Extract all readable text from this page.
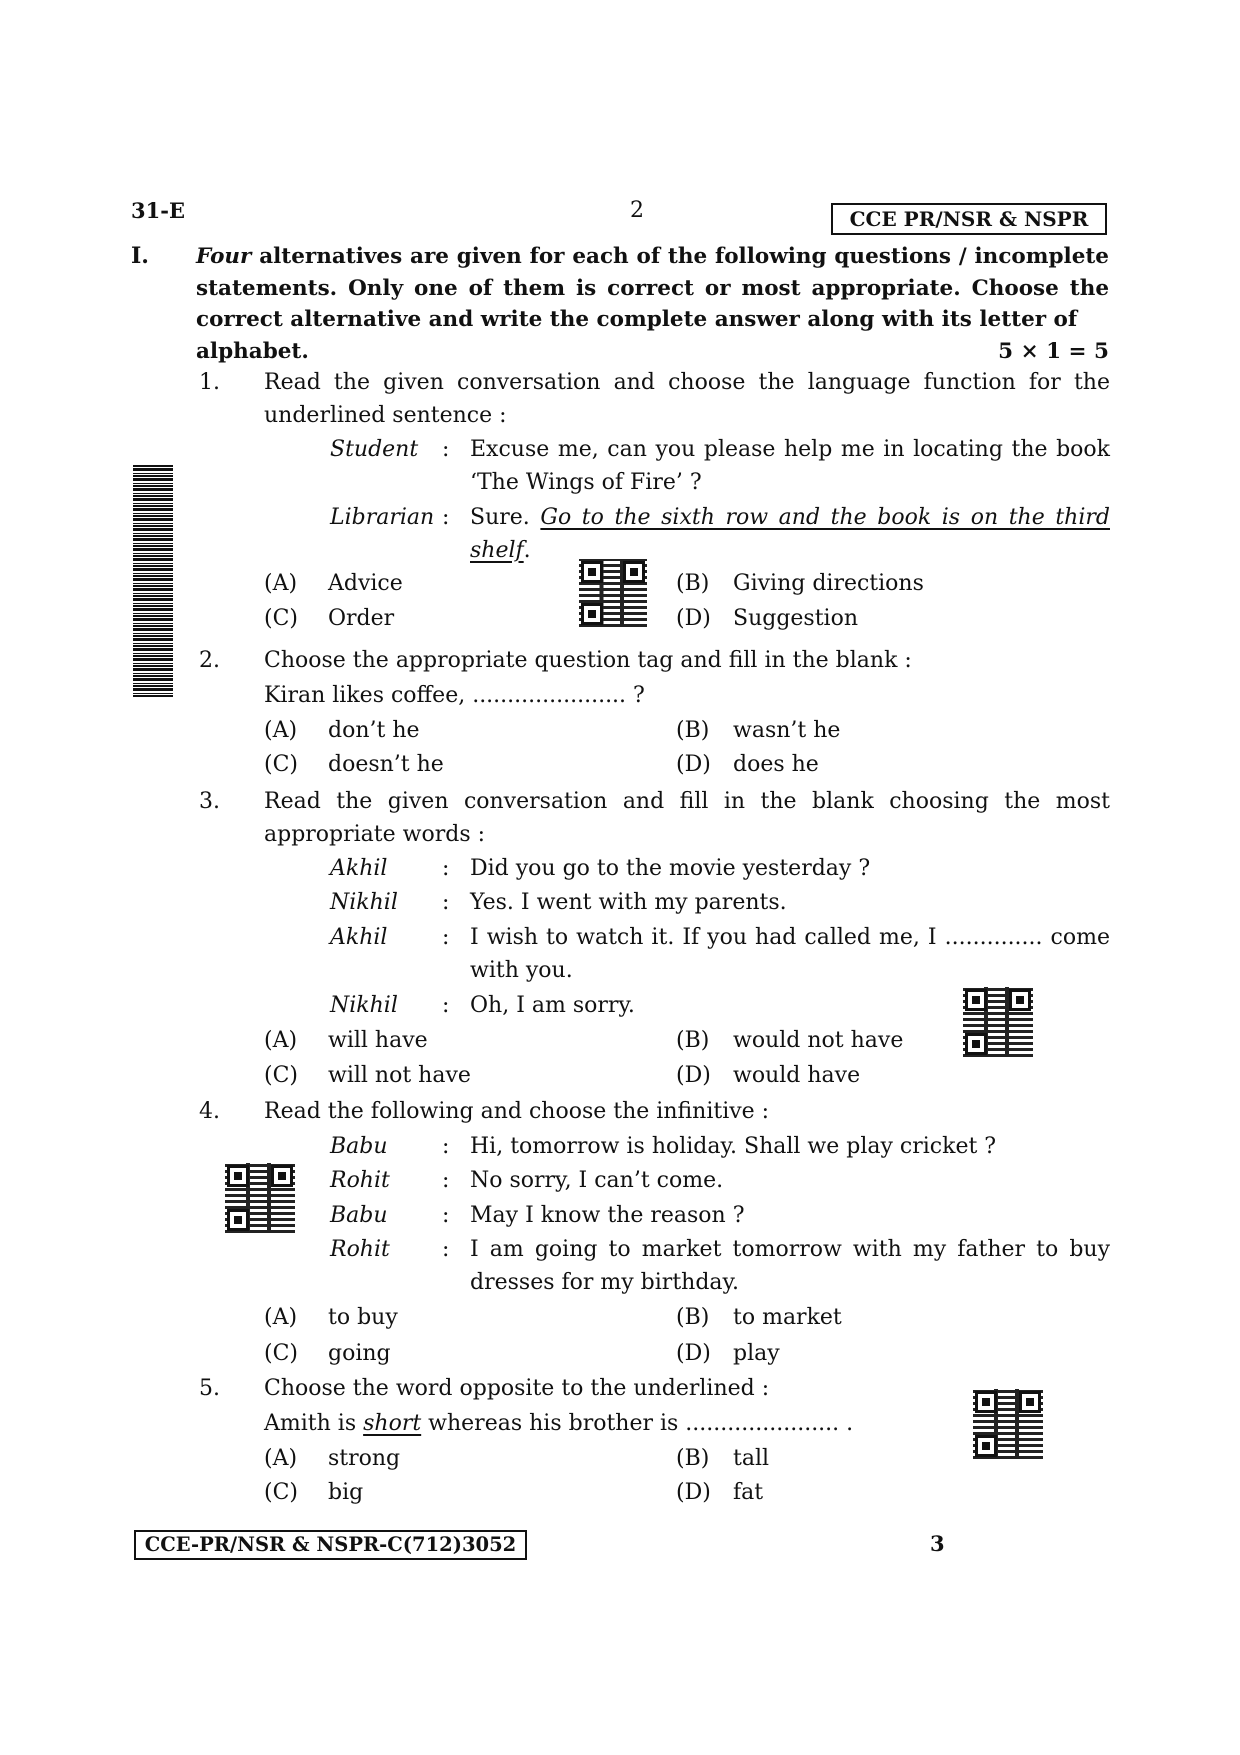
31-E	2	CCE PR/NSR & NSPR
I. Four alternatives are given for each of the following questions / incomplete statements. Only one of them is correct or most appropriate. Choose the correct alternative and write the complete answer along with its letter of
alphabet.	5 × 1 = 5
1. Read the given conversation and choose the language function for the
underlined sentence :
Student : Excuse me, can you please help me in locating the book
‘The Wings of Fire’ ?
Librarian : Sure. Go to the sixth row and the book is on the third
shelf.
(A) Advice	(B) Giving directions
(C) Order	(D) Suggestion
2. Choose the appropriate question tag and fill in the blank :
Kiran likes coffee, ...................... ?
(A) don’t he	(B) wasn’t he
(C) doesn’t he	(D) does he
3. Read the given conversation and fill in the blank choosing the most
appropriate words :
Akhil : Did you go to the movie yesterday ?
Nikhil : Yes. I went with my parents.
Akhil : I wish to watch it. If you had called me, I .............. come
with you.
Nikhil : Oh, I am sorry.
(A) will have	(B) would not have
(C) will not have	(D) would have
4. Read the following and choose the infinitive :
Babu : Hi, tomorrow is holiday. Shall we play cricket ?
Rohit : No sorry, I can’t come.
Babu : May I know the reason ?
Rohit : I am going to market tomorrow with my father to buy
dresses for my birthday.
(A) to buy	(B) to market
(C) going	(D) play
5. Choose the word opposite to the underlined :
Amith is short whereas his brother is ...................... .
(A) strong	(B) tall
(C) big	(D) fat
CCE-PR/NSR & NSPR-C(712)3052	3
